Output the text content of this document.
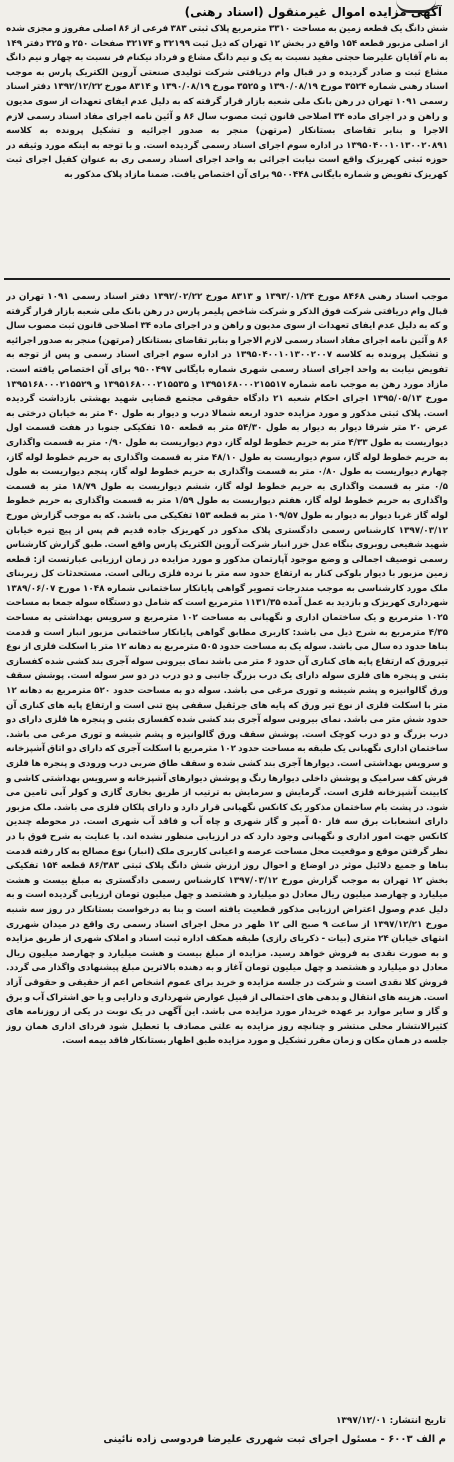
آگهی مزایده اموال غیرمنقول (اسناد رهنی)
شش دانگ یک قطعه زمین به مساحت ۳۳۱۰ مترمربع پلاک ثبتی ۳۸۳ فرعی از ۸۶ اصلی مفروز و مجزی شده از اصلی مزبور قطعه ۱۵۴ واقع در بخش ۱۲ تهران که ذیل ثبت ۳۲۱۹۹ و ۳۲۱۷۴ صفحات ۲۵۰ و ۳۲۵ دفتر ۱۴۹ به نام آقایان علیرضا حجتی مفید نسبت به یک و نیم دانگ مشاع و فرداد نیکنام فر نسبت به چهار و نیم دانگ مشاع ثبت و صادر گردیده و در قبال وام دریافتی شرکت تولیدی صنعتی آروین الکتریک پارس به موجب اسناد رهنی شماره ۳۵۲۴ مورخ ۱۳۹۰/۰۸/۱۹ و ۳۵۲۵ مورخ ۱۳۹۰/۰۸/۱۹ و ۸۳۱۴ مورخ ۱۳۹۲/۱۲/۲۲ دفتر اسناد رسمی ۱۰۹۱ تهران در رهن بانک ملی شعبه بازار قرار گرفته که به دلیل عدم ایفای تعهدات از سوی مدیون و راهن و در اجرای ماده ۳۴ اصلاحی قانون ثبت مصوب سال ۸۶ و آئین نامه اجرای مفاد اسناد رسمی لازم الاجرا و بنابر تقاضای بستانکار (مرتهن) منجر به صدور اجرائیه و تشکیل پرونده به کلاسه ۱۳۹۵۰۴۰۰۱۰۱۳۰۰۲۰۸۹۱ در اداره سوم اجرای اسناد رسمی گردیده است. و با توجه به اینکه مورد وثیقه در حوزه ثبتی کهریزک واقع است نیابت اجرائی به واحد اجرای اسناد رسمی ری به عنوان کفیل اجرای ثبت کهریزک تفویض و شماره بایگانی ۹۵۰۰۴۴۸ برای آن اختصاص یافت. ضمنا مازاد پلاک مذکور به
موجب اسناد رهنی ۸۴۶۸ مورخ ۱۳۹۳/۰۱/۲۴ و ۸۳۱۳ مورخ ۱۳۹۲/۰۲/۲۲ دفتر اسناد رسمی ۱۰۹۱ تهران در قبال وام دریافتی شرکت فوق الذکر و شرکت شاخص پلیمر پارس در رهن بانک ملی شعبه بازار قرار گرفته و که به دلیل عدم ایفای تعهدات از سوی مدیون و راهن و در اجرای ماده ۳۴ اصلاحی قانون ثبت مصوب سال ۸۶ و آئین نامه اجرای مفاد اسناد رسمی لازم الاجرا و بنابر تقاضای بستانکار (مرتهن) منجر به صدور اجرائیه و تشکیل پرونده به کلاسه ۱۳۹۵۰۴۰۰۱۰۱۳۰۰۲۰۰۷ در اداره سوم اجرای اسناد رسمی و پس از توجه به تفویض نیابت به واحد اجرای اسناد رسمی شهری شماره بایگانی ۹۵۰۰۴۹۷ برای آن اختصاص یافته است. مازاد مورد رهن به موجب نامه شماره ۱۳۹۵۱۶۸۰۰۰۲۱۵۵۱۷ و ۱۳۹۵۱۶۸۰۰۰۲۱۵۵۳۵ و ۱۳۹۵۱۶۸۰۰۰۲۱۵۵۲۹ مورخ ۱۳۹۵/۰۵/۱۳ اجرای احکام شعبه ۲۱ دادگاه حقوقی مجتمع قضایی شهید بهشتی بازداشت گردیده است. پلاک ثبتی مذکور و مورد مزایده حدود اربعه شمالا درب و دیوار به طول ۴۰ متر به خیابان درختی به عرض ۲۰ متر شرقا دیوار به دیوار به طول ۵۴/۳۰ متر به قطعه ۱۵۰ تفکیکی جنوبا در هفت قسمت اول دیواریست به طول ۴/۳۳ متر به حریم خطوط لوله گاز، دوم دیواریست به طول ۰/۹۰ متر به قسمت واگذاری به حریم خطوط لوله گاز، سوم دیواریست به طول ۴۸/۱۰ متر به قسمت واگذاری به حریم خطوط لوله گاز، چهارم دیواریست به طول ۰/۸۰ متر به قسمت واگذاری به حریم خطوط لوله گاز، پنجم دیواریست به طول ۰/۵ متر به قسمت واگذاری به حریم خطوط لوله گاز، ششم دیواریست به طول ۱۸/۷۹ متر به قسمت واگذاری به حریم خطوط لوله گاز، هفتم دیواریست به طول ۱/۵۹ متر به قسمت واگذاری به حریم خطوط لوله گاز غربا دیوار به دیوار به طول ۱۰۹/۵۷ متر به قطعه ۱۵۳ تفکیکی می باشد. که به موجب گزارش مورخ ۱۳۹۷/۰۳/۱۲ کارشناس رسمی دادگستری پلاک مذکور در کهریزک جاده قدیم قم پس از پیچ تیره خیابان شهید شفیعی روبروی بنگاه عدل خزر انبار شرکت آروین الکتریک پارس واقع است. طبق گزارش کارشناس رسمی توصیف اجمالی و وضع موجود آپارتمان مذکور و مورد مزایده در زمان ارزیابی عبارتست از: قطعه زمین مزبور با دیوار بلوکی کنار به ارتفاع حدود سه متر با نرده فلزی ربالی است. مستحدثات کل زیربنای ملک مورد کارشناسی به موجب مندرجات تصویر گواهی پایانکار ساختمانی شماره ۱۰۴۸ مورخ ۱۳۸۹/۰۶/۰۷ شهرداری کهریزک و بازدید به عمل آمده ۱۱۳۱/۳۵ مترمربع است که شامل دو دستگاه سوله جمعا به مساحت ۱۰۲۵ مترمربع و یک ساختمان اداری و نگهبانی به مساحت ۱۰۲ مترمربع و سرویس بهداشتی به مساحت ۴/۳۵ مترمربع به شرح ذیل می باشد: کاربری مطابق گواهی پایانکار ساختمانی مزبور انبار است و قدمت بناها حدود ده سال می باشد. سوله یک به مساحت حدود ۵۰۵ مترمربع به دهانه ۱۲ متر با اسکلت فلزی از نوع تیرورق که ارتفاع پایه های کناری آن حدود ۶ متر می باشد نمای بیرونی سوله آجری بند کشی شده کفسازی بتنی و پنجره های فلزی سوله دارای یک درب بزرگ جانبی و دو درب در دو سر سوله است. پوشش سقف ورق گالوانیزه و پشم شیشه و توری مرغی می باشد. سوله دو به مساحت حدود ۵۲۰ مترمربع به دهانه ۱۲ متر با اسکلت فلزی از نوع تیر ورق که پایه های جرثقیل سقفی پنج تنی است و ارتفاع پایه های کناری آن حدود شش متر می باشد. نمای بیرونی سوله آجری بند کشی شده کفسازی بتنی و پنجره ها فلزی دارای دو درب بزرگ و دو درب کوچک است. پوشش سقف ورق گالوانیزه و پشم شیشه و توری مرغی می باشد. ساختمان اداری نگهبانی یک طبقه به مساحت حدود ۱۰۲ مترمربع با اسکلت آجری که دارای دو اتاق آشپزخانه و سرویس بهداشتی است. دیوارها آجری بند کشی شده و سقف طاق ضربی درب ورودی و پنجره ها فلزی فرش کف سرامیک و پوشش داخلی دیوارها رنگ و پوشش دیوارهای آشپزخانه و سرویس بهداشتی کاشی و کابینت آشپزخانه فلزی است. گرمایش و سرمایش به ترتیب از طریق بخاری گازی و کولر آبی تامین می شود. در پشت بام ساختمان مذکور یک کانکس نگهبانی قرار دارد و دارای پلکان فلزی می باشد. ملک مزبور دارای انشعابات برق سه فاز ۵۰ آمپر و گاز شهری و چاه آب و فاقد آب شهری است. در محوطه چندین کانکس جهت امور اداری و نگهبانی وجود دارد که در ارزیابی منظور نشده اند. با عنایت به شرح فوق با در نظر گرفتن موقع و موقعیت محل مساحت عرصه و اعیانی کاربری ملک (انبار) نوع مصالح به کار رفته قدمت بناها و جمیع دلائیل موثر در اوضاع و احوال روز ارزش شش دانگ پلاک ثبتی ۸۶/۳۸۳ قطعه ۱۵۴ تفکیکی بخش ۱۲ تهران به موجب گزارش مورخ ۱۳۹۷/۰۳/۱۲ کارشناس رسمی دادگستری به مبلغ بیست و هشت میلیارد و چهارصد میلیون ریال معادل دو میلیارد و هشتصد و چهل میلیون تومان ارزیابی گردیده است و به دلیل عدم وصول اعتراض ارزیابی مذکور قطعیت یافته است و بنا به درخواست بستانکار در روز سه شنبه مورخ ۱۳۹۷/۱۲/۲۱ از ساعت ۹ صبح الی ۱۲ ظهر در محل اجرای اسناد رسمی ری واقع در میدان شهرری انتهای خیابان ۲۴ متری (بیات - ذکریای رازی) طبقه همکف اداره ثبت اسناد و املاک شهری از طریق مزایده و به صورت نقدی به فروش خواهد رسید. مزایده از مبلغ بیست و هشت میلیارد و چهارصد میلیون ریال معادل دو میلیارد و هشتصد و چهل میلیون تومان آغاز و به دهنده بالاترین مبلغ پیشنهادی واگذار می گردد. فروش کلا نقدی است و شرکت در جلسه مزایده و خرید برای عموم اشخاص اعم از حقیقی و حقوقی آزاد است. هزینه های انتقال و بدهی های احتمالی از قبیل عوارض شهرداری و دارایی و یا حق اشتراک آب و برق و گاز و سایر موارد بر عهده خریدار مورد مزایده می باشد. این آگهی در یک نوبت در یکی از روزنامه های کثیرالانتشار محلی منتشر و چنانچه روز مزایده به علتی مصادف با تعطیل شود فردای اداری همان روز جلسه در همان مکان و زمان مقرر تشکیل و مورد مزایده طبق اظهار بستانکار فاقد بیمه است.
تاریخ انتشار: ۱۳۹۷/۱۲/۰۱
م الف ۶۰۰۳ - مسئول اجرای ثبت شهرری علیرضا فردوسی زاده نائینی
